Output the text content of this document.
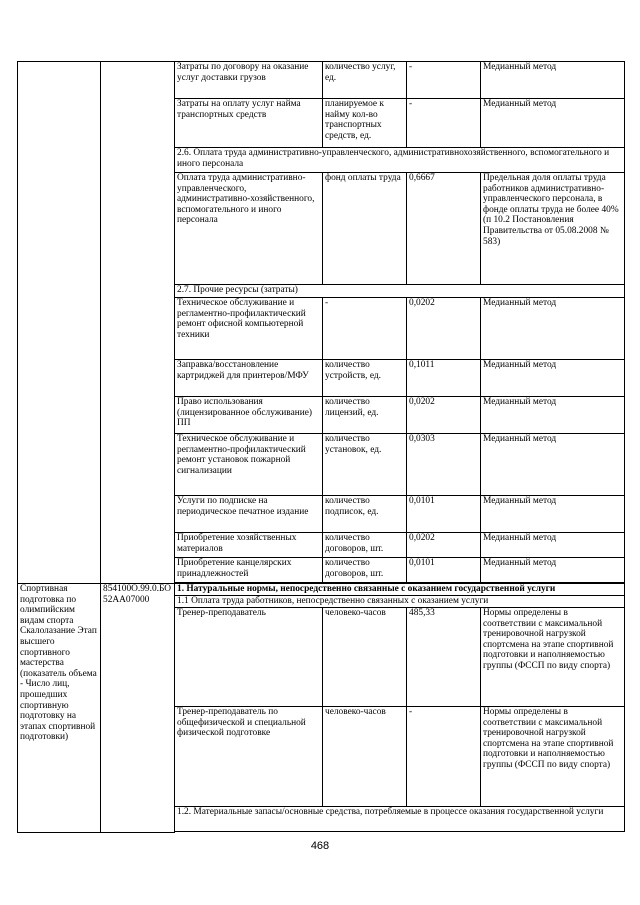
		Затраты по договору на оказание услуг доставки грузов	количество услуг, ед.	-	Медианный метод
		Затраты на оплату услуг найма транспортных средств	планируемое к найму кол-во транспортных средств, ед.	-	Медианный метод
		2.6. Оплата труда административно-управленческого, административнохозяйственного, вспомогательного и иного персонала			
		Оплата труда административно-управленческого, административно-хозяйственного, вспомогательного и иного персонала	фонд оплаты труда	0,6667	Предельная доля оплаты труда работников административно-управленческого персонала, в фонде оплаты труда не более 40% (п 10.2 Постановления Правительства от 05.08.2008 № 583)
		2.7. Прочие ресурсы (затраты)			
		Техническое обслуживание и регламентно-профилактический ремонт офисной компьютерной техники	-	0,0202	Медианный метод
		Заправка/восстановление картриджей для принтеров/МФУ	количество устройств, ед.	0,1011	Медианный метод
		Право использования (лицензированное обслуживание) ПП	количество лицензий, ед.	0,0202	Медианный метод
		Техническое обслуживание и регламентно-профилактический ремонт установок пожарной сигнализации	количество установок, ед.	0,0303	Медианный метод
		Услуги по подписке на периодическое печатное издание	количество подписок, ед.	0,0101	Медианный метод
		Приобретение хозяйственных материалов	количество договоров, шт.	0,0202	Медианный метод
		Приобретение канцелярских принадлежностей	количество договоров, шт.	0,0101	Медианный метод

Спортивная подготовка по олимпийским видам спорта Скалолазание Этап высшего спортивного мастерства (показатель объема - Число лиц, прошедших спортивную подготовку на этапах спортивной подготовки)	854100О.99.0.БО52АА07000	1. Натуральные нормы, непосредственно связанные с оказанием государственной услуги			
		1.1 Оплата труда работников, непосредственно связанных с оказанием услуги			
		Тренер-преподаватель	человеко-часов	485,33	Нормы определены в соответствии с максимальной тренировочной нагрузкой спортсмена на этапе спортивной подготовки и наполняемостью группы (ФССП по виду спорта)
		Тренер-преподаватель по общефизической и специальной физической подготовке	человеко-часов	-	Нормы определены в соответствии с максимальной тренировочной нагрузкой спортсмена на этапе спортивной подготовки и наполняемостью группы (ФССП по виду спорта)
		1.2. Материальные запасы/основные средства, потребляемые в процессе оказания государственной услуги			

468
